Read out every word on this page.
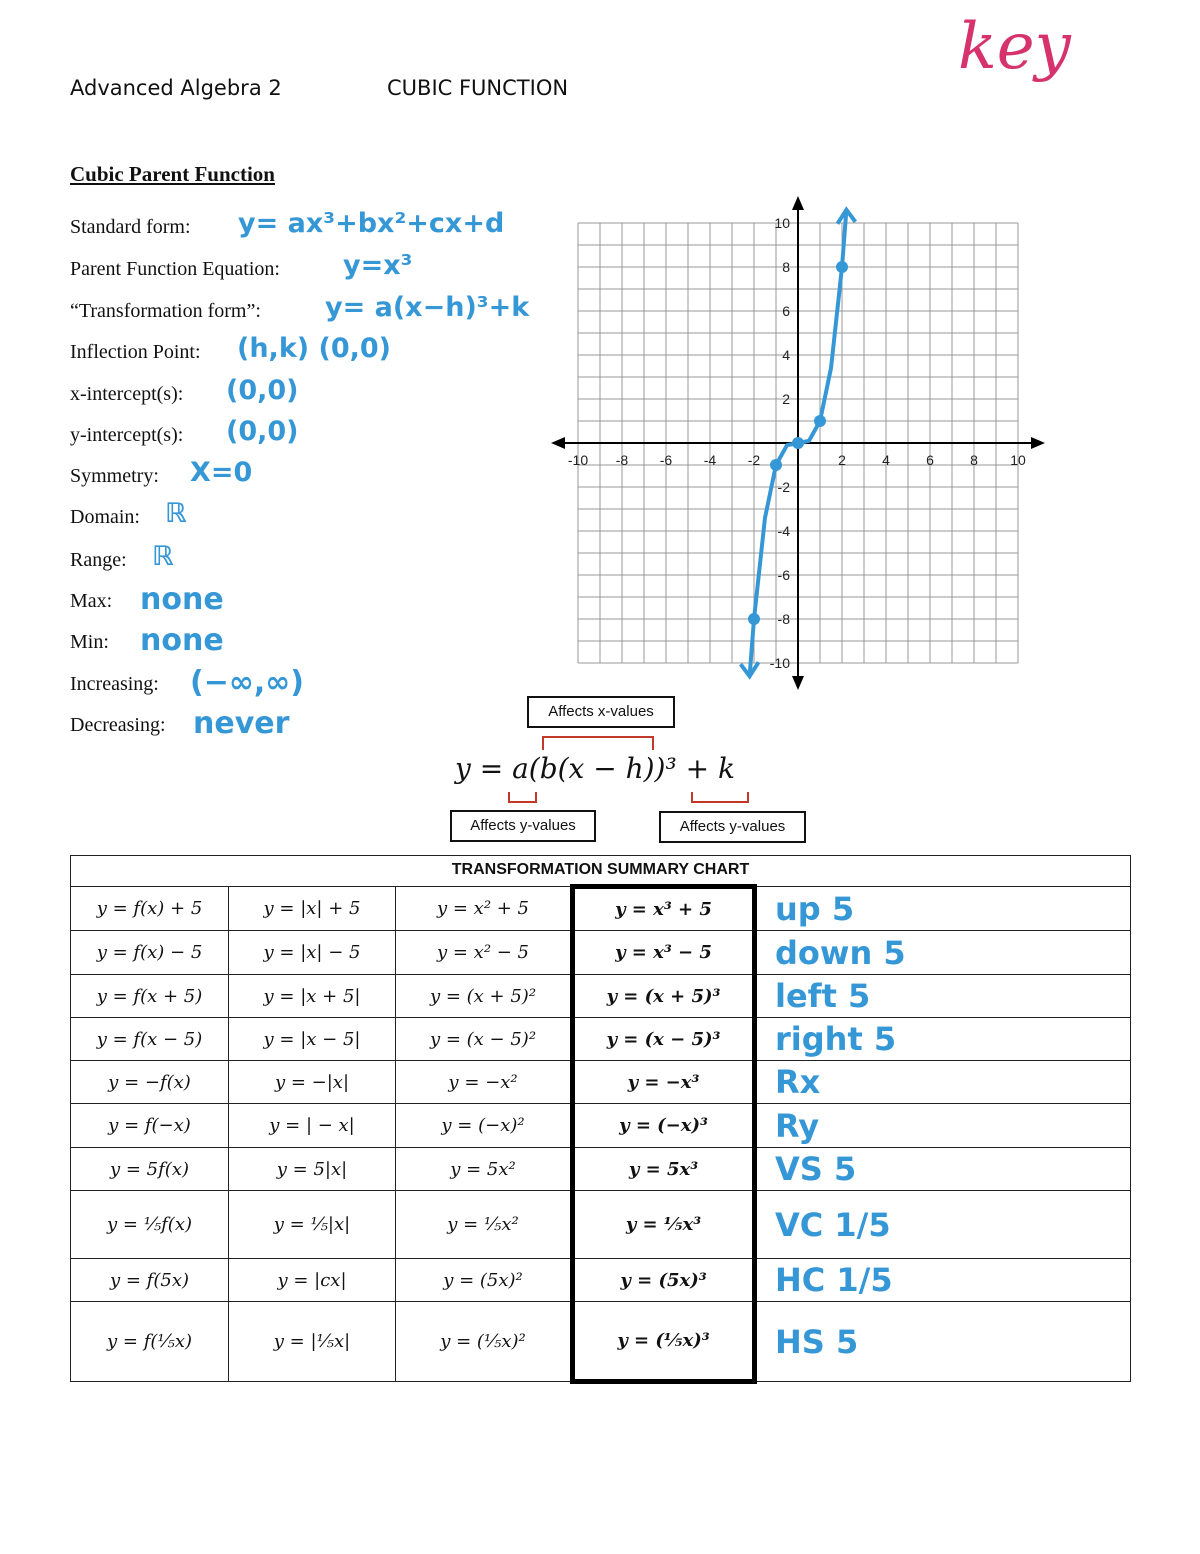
Advanced Algebra 2	CUBIC FUNCTION
key
Cubic Parent Function
Standard form: y= ax³+bx²+cx+d
Parent Function Equation: y=x³
“Transformation form”: y= a(x−h)³+k
Inflection Point: (h,k) (0,0)
x-intercept(s): (0,0)
y-intercept(s): (0,0)
Symmetry: X=0
Domain: ℝ
Range: ℝ
Max: none
Min: none
Increasing: (−∞,∞)
Decreasing: never
-10 -8 -6 -4 -2	2	4	6	8 10
10
8
6
4
2
-2
-4
-6
-8
-10
Affects x-values
y = a(b(x − h))³ + k
Affects y-values	Affects y-values
TRANSFORMATION SUMMARY CHART				
y = f(x) + 5	y = |x| + 5	y = x² + 5	y = x³ + 5	up 5
y = f(x) − 5	y = |x| − 5	y = x² − 5	y = x³ − 5	down 5
y = f(x + 5)	y = |x + 5|	y = (x + 5)²	y = (x + 5)³	left 5
y = f(x − 5)	y = |x − 5|	y = (x − 5)²	y = (x − 5)³	right 5
y = −f(x)	y = −|x|	y = −x²	y = −x³	Rx
y = f(−x)	y = | − x|	y = (−x)²	y = (−x)³	Ry
y = 5f(x)	y = 5|x|	y = 5x²	y = 5x³	VS 5
y = ⅕f(x)	y = ⅕|x|	y = ⅕x²	y = ⅕x³	VC 1/5
y = f(5x)	y = |cx|	y = (5x)²	y = (5x)³	HC 1/5
y = f(⅕x)	y = |⅕x|	y = (⅕x)²	y = (⅕x)³	HS 5
